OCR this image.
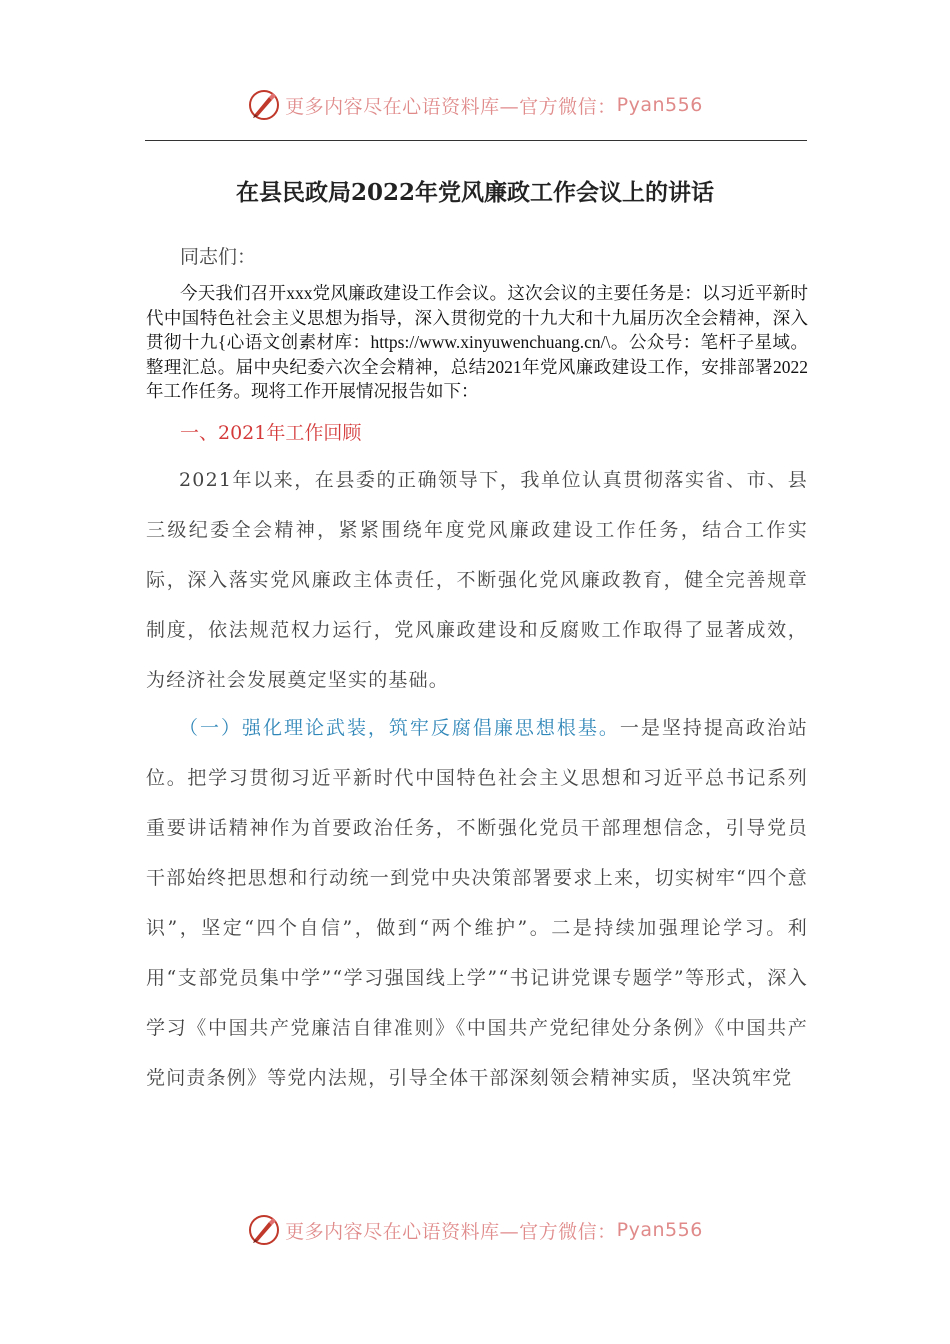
更多内容尽在心语资料库—官方微信： Pyan556
在县民政局2022年党风廉政工作会议上的讲话
同志们：
今天我们召开xxx党风廉政建设工作会议。这次会议的主要任务是：以习近平新时代中国特色社会主义思想为指导，深入贯彻党的十九大和十九届历次全会精神，深入贯彻十九{心语文创素材库：https://www.xinyuwenchuang.cn/\。公众号：笔杆子星域。整理汇总。届中央纪委六次全会精神，总结2021年党风廉政建设工作，安排部署2022年工作任务。现将工作开展情况报告如下：
一、2021年工作回顾
2021年以来，在县委的正确领导下，我单位认真贯彻落实省、市、县三级纪委全会精神，紧紧围绕年度党风廉政建设工作任务，结合工作实际，深入落实党风廉政主体责任，不断强化党风廉政教育，健全完善规章制度，依法规范权力运行，党风廉政建设和反腐败工作取得了显著成效，为经济社会发展奠定坚实的基础。
（一）强化理论武装，筑牢反腐倡廉思想根基。一是坚持提高政治站位。把学习贯彻习近平新时代中国特色社会主义思想和习近平总书记系列重要讲话精神作为首要政治任务，不断强化党员干部理想信念，引导党员干部始终把思想和行动统一到党中央决策部署要求上来，切实树牢“四个意识”，坚定“四个自信”，做到“两个维护”。二是持续加强理论学习。利用“支部党员集中学”“学习强国线上学”“书记讲党课专题学”等形式，深入学习《中国共产党廉洁自律准则》《中国共产党纪律处分条例》《中国共产党问责条例》等党内法规，引导全体干部深刻领会精神实质，坚决筑牢党
更多内容尽在心语资料库—官方微信： Pyan556
